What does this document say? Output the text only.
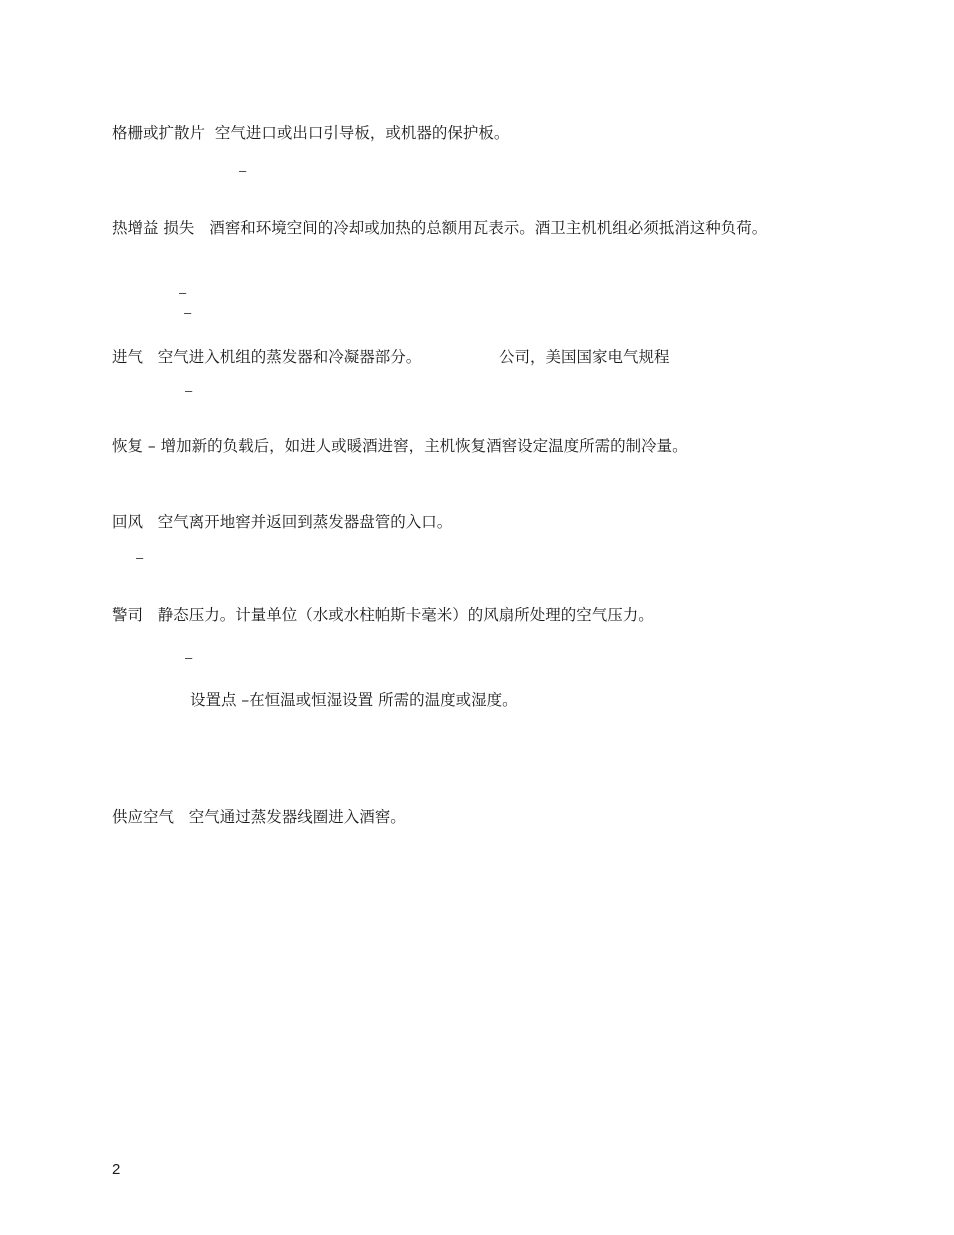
格栅或扩散片 空气进口或出口引导板，或机器的保护板。
–
热增益 损失 酒窖和环境空间的冷却或加热的总额用瓦表示。酒卫主机机组必须抵消这种负荷。
–
–
进气 空气进入机组的蒸发器和冷凝器部分。	公司，美国国家电气规程
–
恢复 – 增加新的负载后，如进人或暖酒进窖，主机恢复酒窖设定温度所需的制冷量。
回风 空气离开地窖并返回到蒸发器盘管的入口。
–
警司 静态压力。计量单位（水或水柱帕斯卡毫米）的风扇所处理的空气压力。
–
设置点 –在恒温或恒湿设置 所需的温度或湿度。
供应空气 空气通过蒸发器线圈进入酒窖。
2
